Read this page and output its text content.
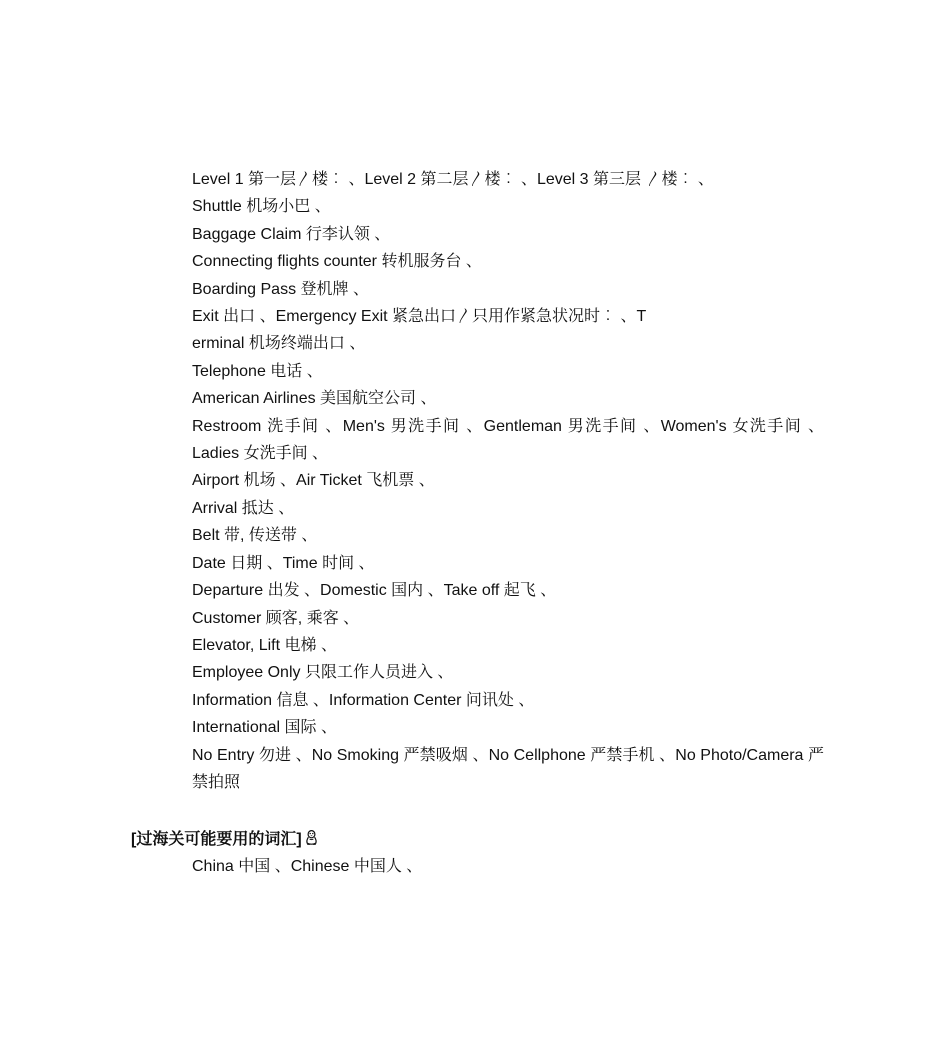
Level 1 第一层〳楼︰ 、Level 2 第二层〳楼︰ 、Level 3 第三层 〳楼︰ 、
Shuttle 机场小巴 、
Baggage Claim 行李认领 、
Connecting flights counter 转机服务台 、
Boarding Pass 登机牌 、
Exit 出口 、Emergency Exit 紧急出口〳只用作紧急状况时︰ 、T
erminal 机场终端出口 、
Telephone 电话 、
American Airlines 美国航空公司 、
Restroom 洗手间 、Men's 男洗手间 、Gentleman 男洗手间 、Women's 女洗手间 、Ladies 女洗手间 、
Airport 机场 、Air Ticket 飞机票 、
Arrival 抵达 、
Belt 带, 传送带 、
Date 日期 、Time 时间 、
Departure 出发 、Domestic 国内 、Take off 起飞 、
Customer 顾客, 乘客 、
Elevator, Lift 电梯 、
Employee Only 只限工作人员进入 、
Information 信息 、Information Center 问讯处 、
International 国际 、
No Entry 勿进 、No Smoking 严禁吸烟 、No Cellphone 严禁手机 、No Photo/Camera 严禁拍照
[过海关可能要用的词汇]
China 中国 、Chinese 中国人 、
